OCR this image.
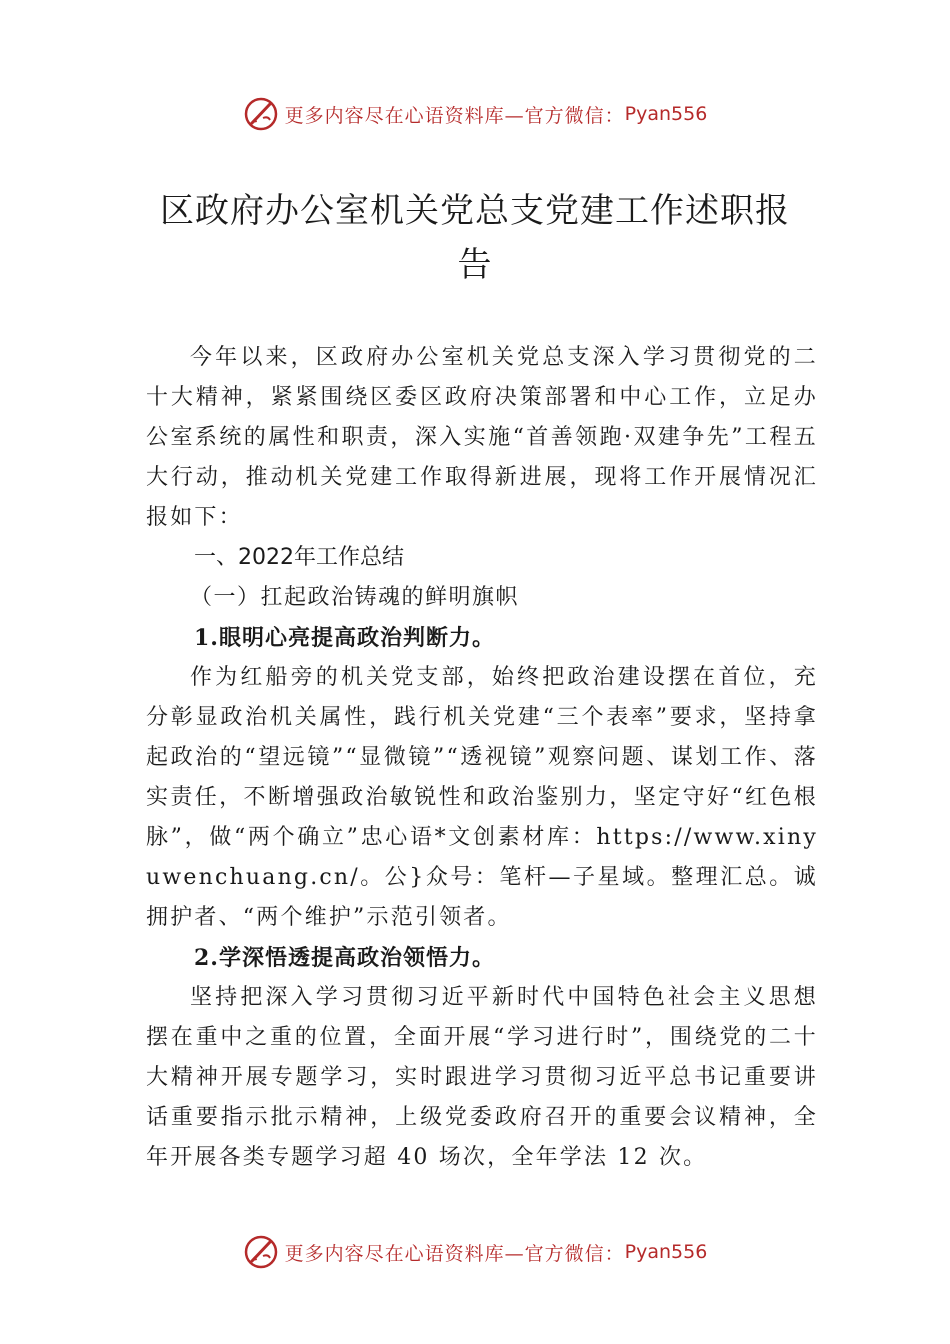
更多内容尽在心语资料库—官方微信： Pyan556
区政府办公室机关党总支党建工作述职报
告

今年以来，区政府办公室机关党总支深入学习贯彻党的二十大精神，紧紧围绕区委区政府决策部署和中心工作，立足办公室系统的属性和职责，深入实施“首善领跑·双建争先”工程五大行动，推动机关党建工作取得新进展，现将工作开展情况汇报如下：

一、2022年工作总结

（一）扛起政治铸魂的鲜明旗帜

1.眼明心亮提高政治判断力。

作为红船旁的机关党支部，始终把政治建设摆在首位，充分彰显政治机关属性，践行机关党建“三个表率”要求，坚持拿起政治的“望远镜”“显微镜”“透视镜”观察问题、谋划工作、落实责任，不断增强政治敏锐性和政治鉴别力，坚定守好“红色根脉”，做“两个确立”忠心语*文创素材库：https://www.xinyuwenchuang.cn/。公}众号：笔杆—子星域。整理汇总。诚拥护者、“两个维护”示范引领者。

2.学深悟透提高政治领悟力。

坚持把深入学习贯彻习近平新时代中国特色社会主义思想摆在重中之重的位置，全面开展“学习进行时”，围绕党的二十大精神开展专题学习，实时跟进学习贯彻习近平总书记重要讲话重要指示批示精神，上级党委政府召开的重要会议精神，全年开展各类专题学习超 40 场次，全年学法 12 次。

更多内容尽在心语资料库—官方微信： Pyan556
